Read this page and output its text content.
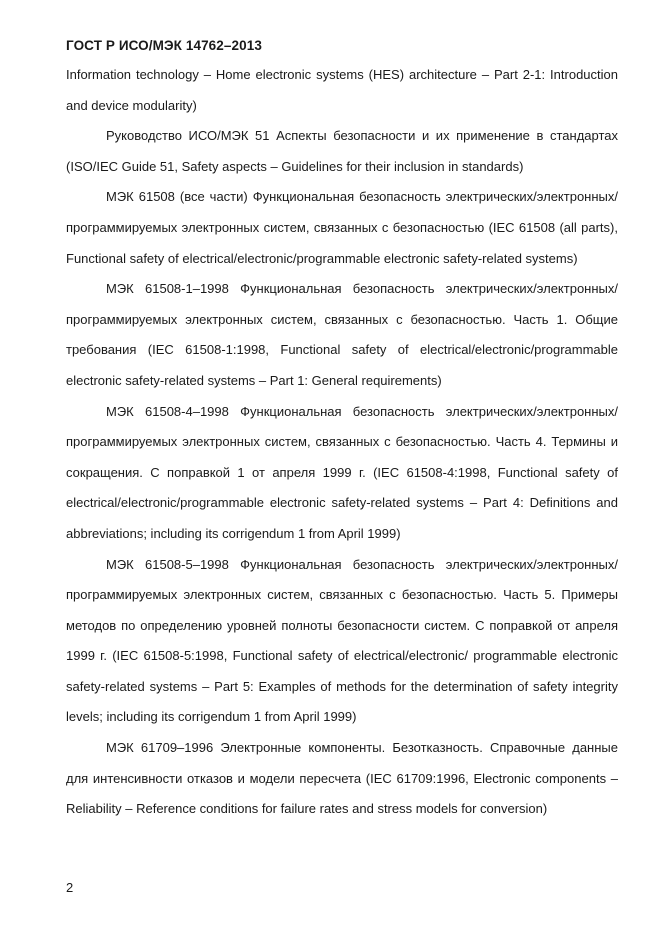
ГОСТ Р ИСО/МЭК 14762–2013

Information technology – Home electronic systems (HES) architecture – Part 2-1: Introduction and device modularity)

Руководство ИСО/МЭК 51 Аспекты безопасности и их применение в стандартах (ISO/IEC Guide 51, Safety aspects – Guidelines for their inclusion in standards)

МЭК 61508 (все части) Функциональная безопасность электрических/электронных/программируемых электронных систем, связанных с безопасностью (IEC 61508 (all parts), Functional safety of electrical/electronic/programmable electronic safety-related systems)

МЭК 61508-1–1998 Функциональная безопасность электрических/электронных/ программируемых электронных систем, связанных с безопасностью. Часть 1. Общие требования (IEC 61508-1:1998, Functional safety of electrical/electronic/programmable electronic safety-related systems – Part 1: General requirements)

МЭК 61508-4–1998 Функциональная безопасность электрических/электронных/ программируемых электронных систем, связанных с безопасностью. Часть 4. Термины и сокращения. С поправкой 1 от апреля 1999 г. (IEC 61508-4:1998, Functional safety of electrical/electronic/programmable electronic safety-related systems – Part 4: Definitions and abbreviations; including its corrigendum 1 from April 1999)

МЭК 61508-5–1998 Функциональная безопасность электрических/электронных/ программируемых электронных систем, связанных с безопасностью. Часть 5. Примеры методов по определению уровней полноты безопасности систем. С поправкой от апреля 1999 г. (IEC 61508-5:1998, Functional safety of electrical/electronic/ programmable electronic safety-related systems – Part 5: Examples of methods for the determination of safety integrity levels; including its corrigendum 1 from April 1999)

МЭК 61709–1996 Электронные компоненты. Безотказность. Справочные данные для интенсивности отказов и модели пересчета (IEC 61709:1996, Electronic components – Reliability – Reference conditions for failure rates and stress models for conversion)

2
